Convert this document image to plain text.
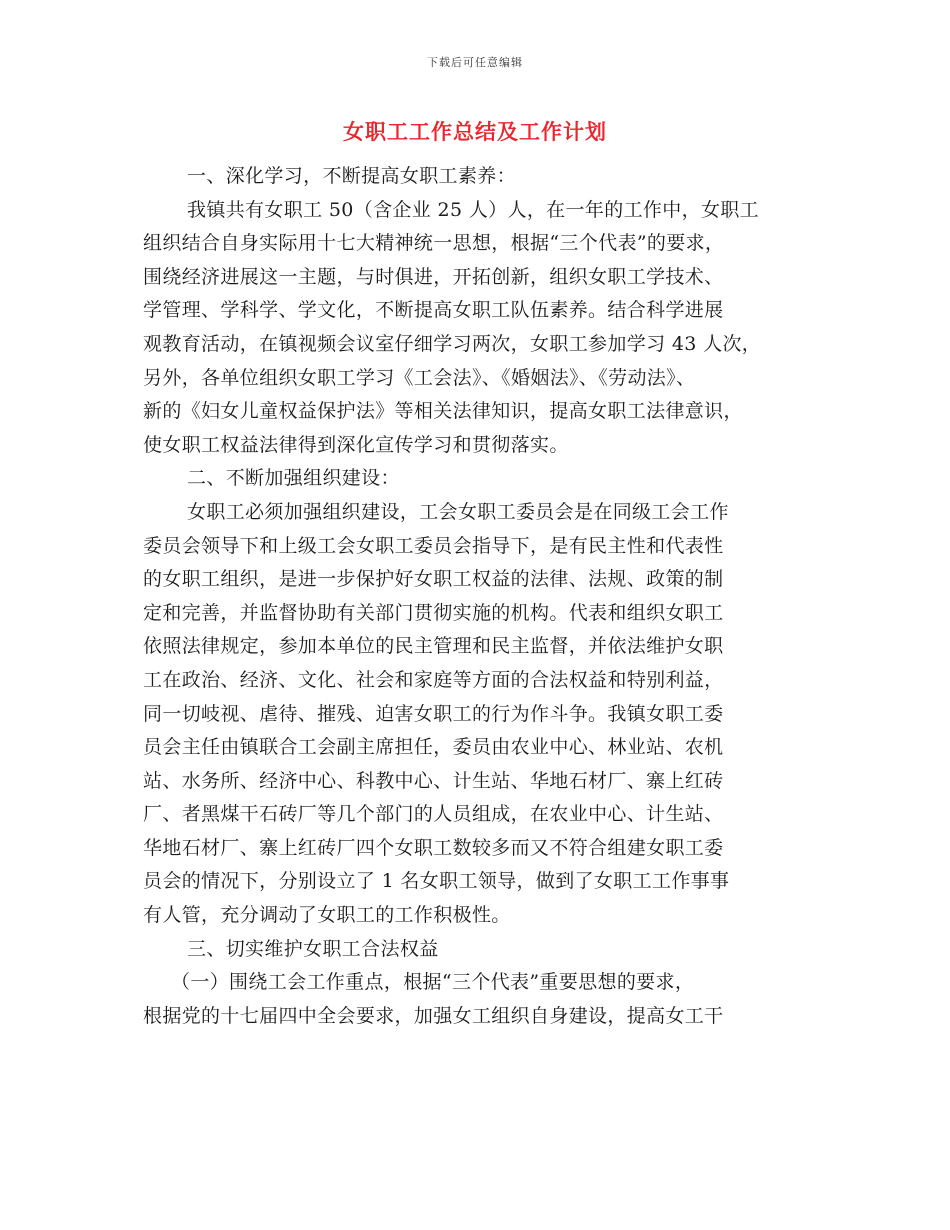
下载后可任意编辑
女职工工作总结及工作计划
一、深化学习，不断提高女职工素养：
我镇共有女职工 50（含企业 25 人）人，在一年的工作中，女职工
组织结合自身实际用十七大精神统一思想，根据“三个代表”的要求，
围绕经济进展这一主题，与时俱进，开拓创新，组织女职工学技术、
学管理、学科学、学文化，不断提高女职工队伍素养。结合科学进展
观教育活动，在镇视频会议室仔细学习两次，女职工参加学习 43 人次，
另外，各单位组织女职工学习《工会法》、《婚姻法》、《劳动法》、
新的《妇女儿童权益保护法》等相关法律知识，提高女职工法律意识，
使女职工权益法律得到深化宣传学习和贯彻落实。
二、不断加强组织建设：
女职工必须加强组织建设，工会女职工委员会是在同级工会工作
委员会领导下和上级工会女职工委员会指导下，是有民主性和代表性
的女职工组织，是进一步保护好女职工权益的法律、法规、政策的制
定和完善，并监督协助有关部门贯彻实施的机构。代表和组织女职工
依照法律规定，参加本单位的民主管理和民主监督，并依法维护女职
工在政治、经济、文化、社会和家庭等方面的合法权益和特别利益，
同一切岐视、虐待、摧残、迫害女职工的行为作斗争。我镇女职工委
员会主任由镇联合工会副主席担任，委员由农业中心、林业站、农机
站、水务所、经济中心、科教中心、计生站、华地石材厂、寨上红砖
厂、者黑煤干石砖厂等几个部门的人员组成，在农业中心、计生站、
华地石材厂、寨上红砖厂四个女职工数较多而又不符合组建女职工委
员会的情况下，分别设立了 1 名女职工领导，做到了女职工工作事事
有人管，充分调动了女职工的工作积极性。
三、切实维护女职工合法权益
（一）围绕工会工作重点，根据“三个代表”重要思想的要求，
根据党的十七届四中全会要求，加强女工组织自身建设，提高女工干
